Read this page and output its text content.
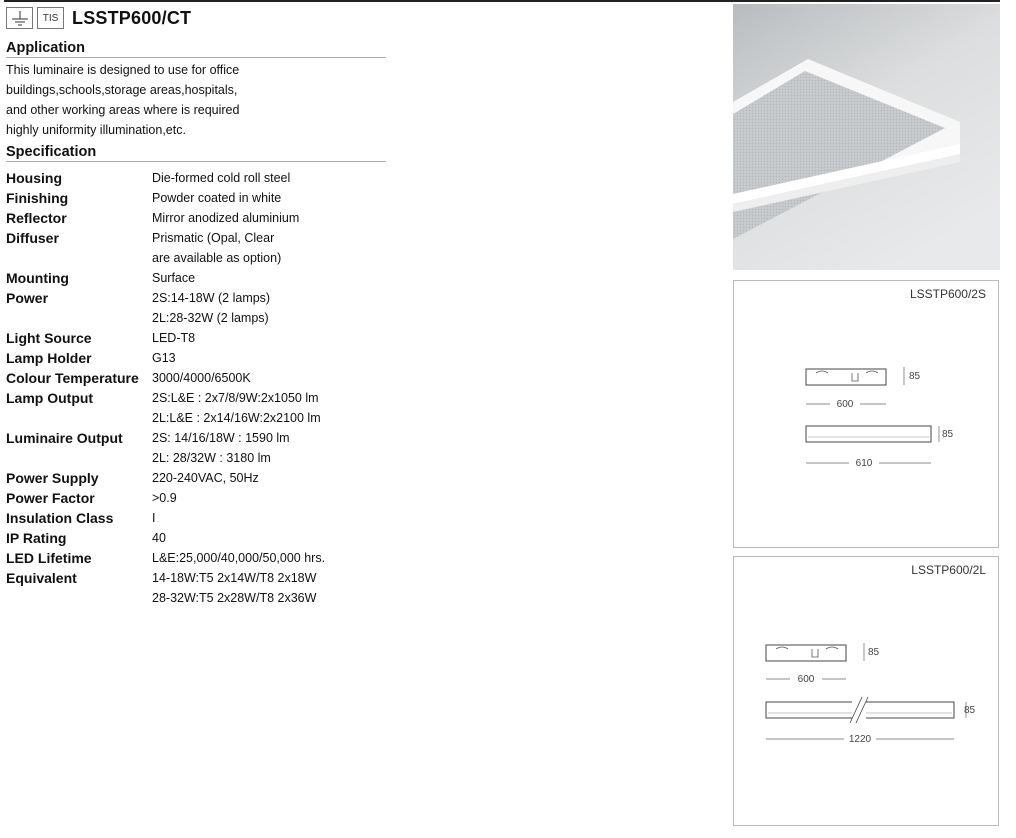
TIS LSSTP600/CT
Application
This luminaire is designed to use for office
buildings,schools,storage areas,hospitals,
and other working areas where is required
highly uniformity illumination,etc.
Specification
Housing	Die-formed cold roll steel
Finishing	Powder coated in white
Reflector	Mirror anodized aluminium
Diffuser	Prismatic (Opal, Clear
are available as option)
Mounting	Surface
Power	2S:14-18W (2 lamps)
2L:28-32W (2 lamps)
Light Source	LED-T8
Lamp Holder	G13
Colour Temperature	3000/4000/6500K
Lamp Output	2S:L&E : 2x7/8/9W:2x1050 lm
2L:L&E : 2x14/16W:2x2100 lm
Luminaire Output	2S: 14/16/18W : 1590 lm
2L: 28/32W : 3180 lm
Power Supply	220-240VAC, 50Hz
Power Factor	>0.9
Insulation Class	I
IP Rating	40
LED Lifetime	L&E:25,000/40,000/50,000 hrs.
Equivalent	14-18W:T5 2x14W/T8 2x18W
28-32W:T5 2x28W/T8 2x36W
LSSTP600/2S
600
85
610
85
LSSTP600/2L
600
85
1220
85
